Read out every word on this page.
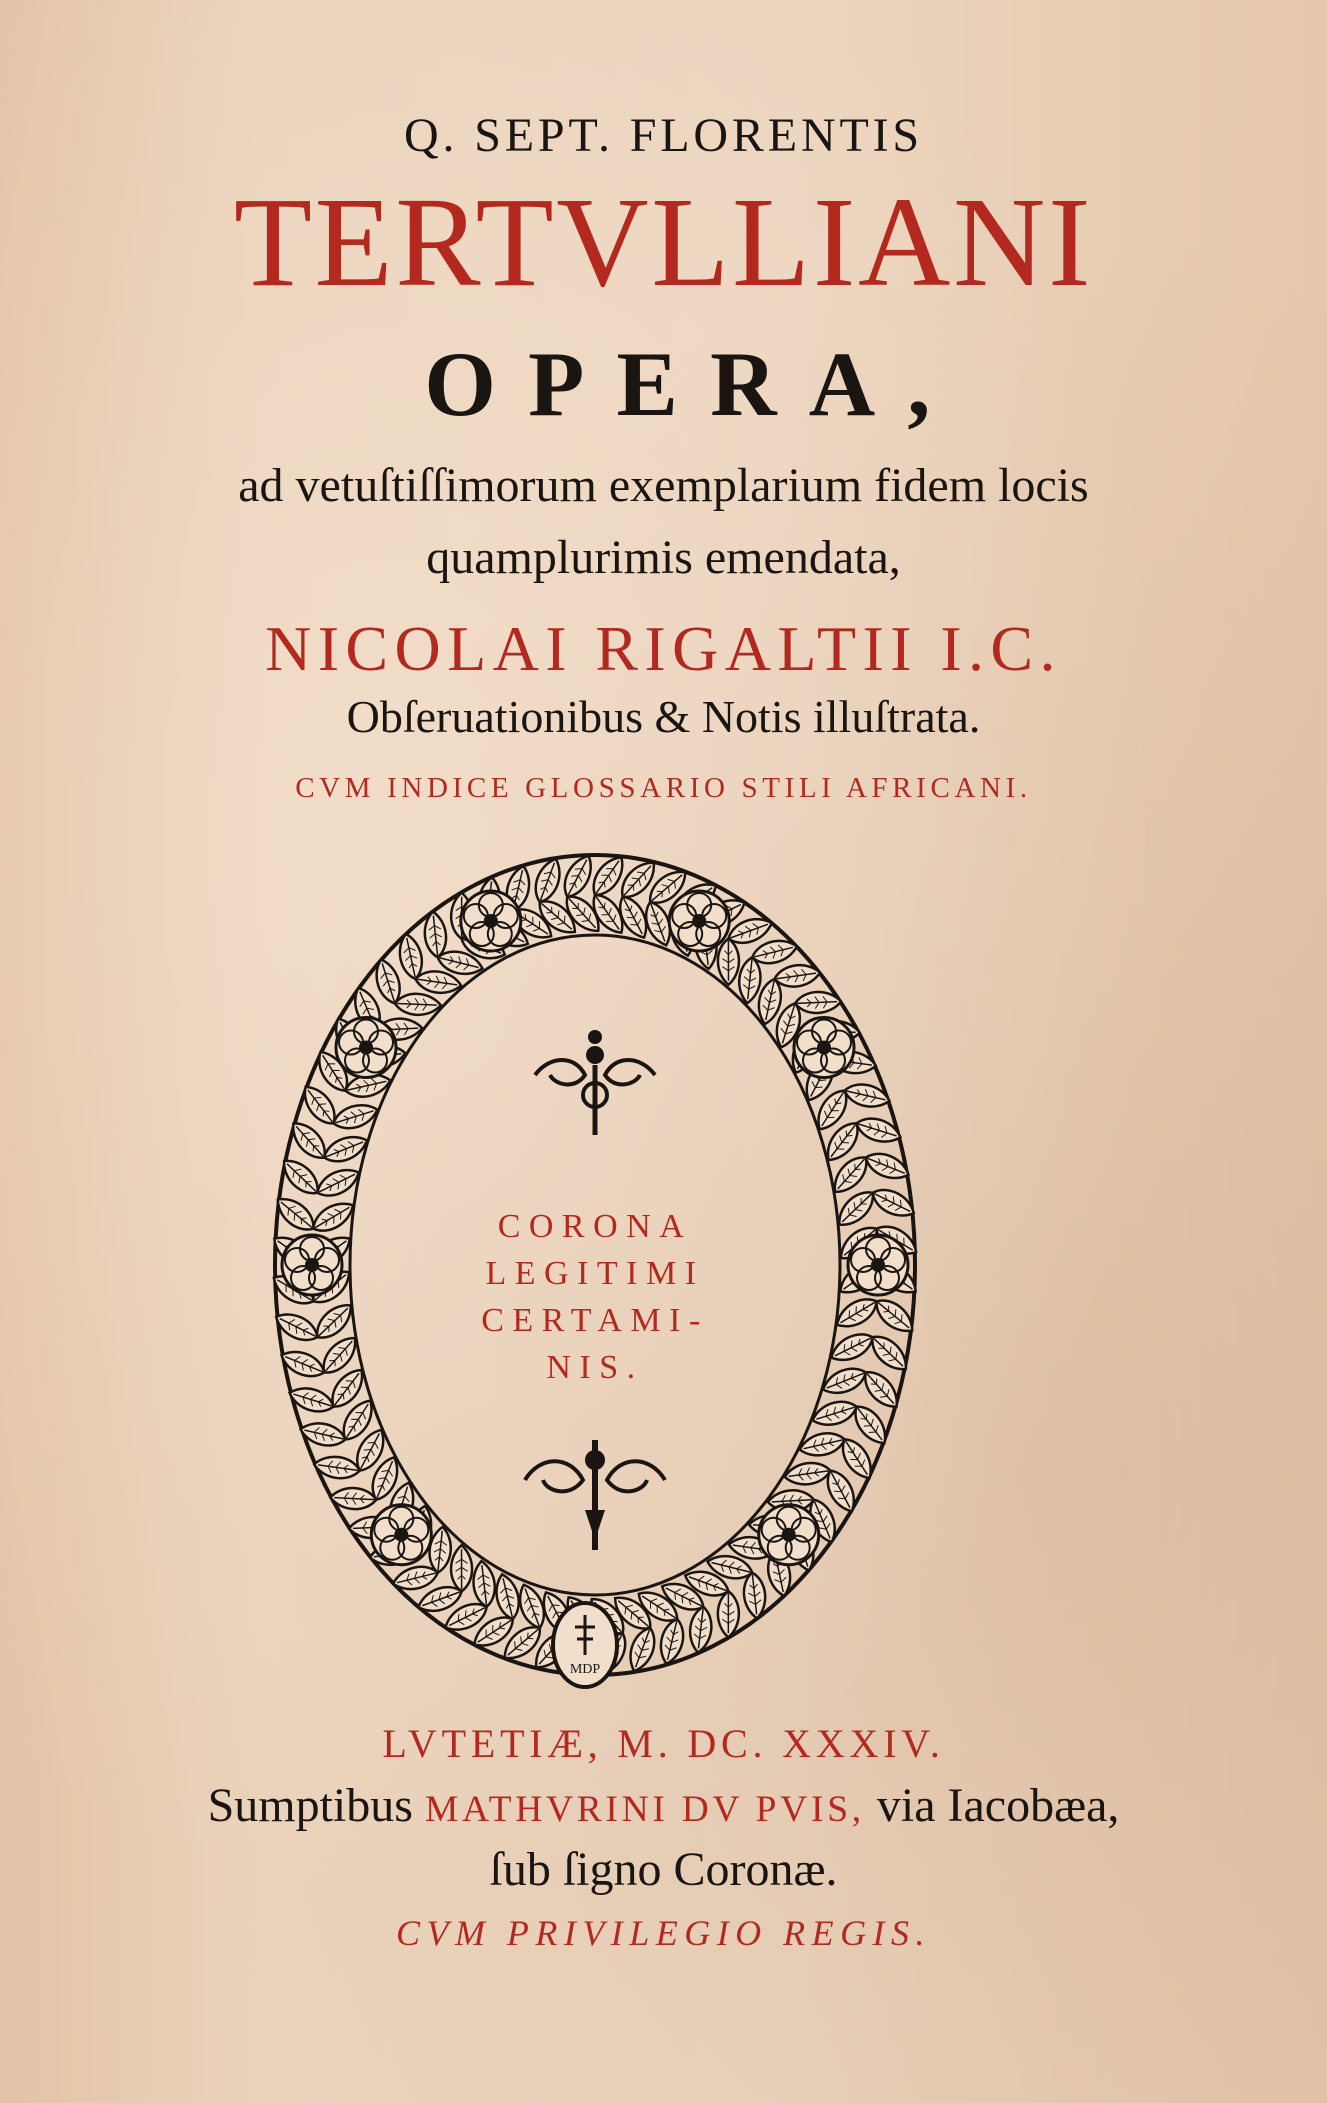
Q. SEPT. FLORENTIS
TERTVLLIANI
OPERA,
ad vetuſtiſſimorum exemplarium fidem locis
quamplurimis emendata,
NICOLAI RIGALTII I.C.
Obſeruationibus & Notis illuſtrata.
CVM INDICE GLOSSARIO STILI AFRICANI.
MDP
CORONA
LEGITIMI
CERTAMI-
NIS.
LVTETIÆ, M. DC. XXXIV.
Sumptibus MATHVRINI DV PVIS, via Iacobæa,
ſub ſigno Coronæ.
CVM PRIVILEGIO REGIS.
